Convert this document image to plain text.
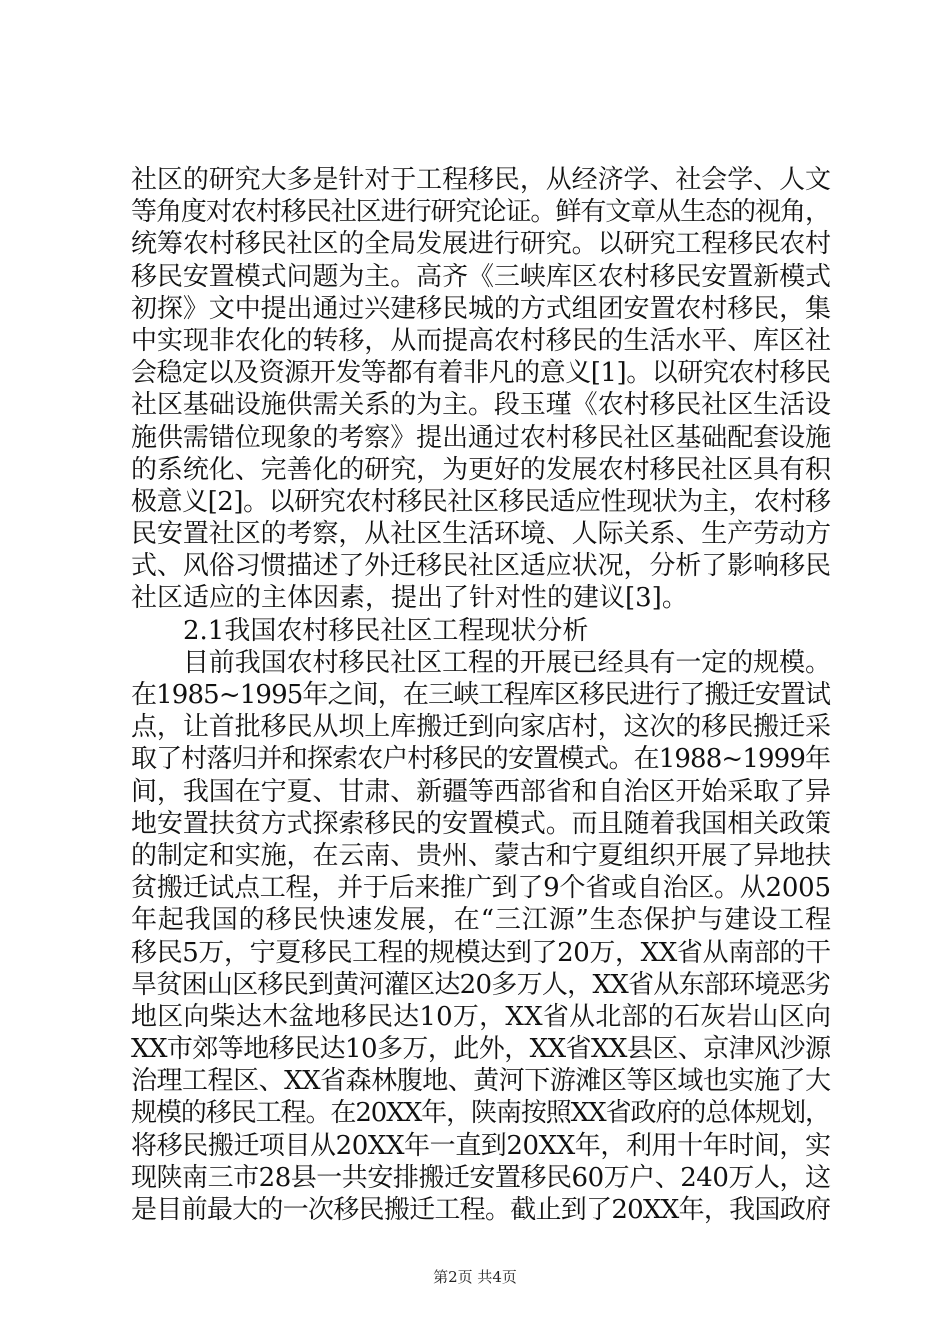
社区的研究大多是针对于工程移民，从经济学、社会学、人文
等角度对农村移民社区进行研究论证。鲜有文章从生态的视角，
统筹农村移民社区的全局发展进行研究。以研究工程移民农村
移民安置模式问题为主。高齐《三峡库区农村移民安置新模式
初探》文中提出通过兴建移民城的方式组团安置农村移民，集
中实现非农化的转移，从而提高农村移民的生活水平、库区社
会稳定以及资源开发等都有着非凡的意义[1]。以研究农村移民
社区基础设施供需关系的为主。段玉瑾《农村移民社区生活设
施供需错位现象的考察》提出通过农村移民社区基础配套设施
的系统化、完善化的研究，为更好的发展农村移民社区具有积
极意义[2]。以研究农村移民社区移民适应性现状为主，农村移
民安置社区的考察，从社区生活环境、人际关系、生产劳动方
式、风俗习惯描述了外迁移民社区适应状况，分析了影响移民
社区适应的主体因素，提出了针对性的建议[3]。
　　2.1我国农村移民社区工程现状分析
　　目前我国农村移民社区工程的开展已经具有一定的规模。
在1985~1995年之间，在三峡工程库区移民进行了搬迁安置试
点，让首批移民从坝上库搬迁到向家店村，这次的移民搬迁采
取了村落归并和探索农户村移民的安置模式。在1988~1999年
间，我国在宁夏、甘肃、新疆等西部省和自治区开始采取了异
地安置扶贫方式探索移民的安置模式。而且随着我国相关政策
的制定和实施，在云南、贵州、蒙古和宁夏组织开展了异地扶
贫搬迁试点工程，并于后来推广到了9个省或自治区。从2005
年起我国的移民快速发展，在“三江源”生态保护与建设工程
移民5万，宁夏移民工程的规模达到了20万，XX省从南部的干
旱贫困山区移民到黄河灌区达20多万人，XX省从东部环境恶劣
地区向柴达木盆地移民达10万，XX省从北部的石灰岩山区向
XX市郊等地移民达10多万，此外，XX省XX县区、京津风沙源
治理工程区、XX省森林腹地、黄河下游滩区等区域也实施了大
规模的移民工程。在20XX年，陕南按照XX省政府的总体规划，
将移民搬迁项目从20XX年一直到20XX年，利用十年时间，实
现陕南三市28县一共安排搬迁安置移民60万户、240万人，这
是目前最大的一次移民搬迁工程。截止到了20XX年，我国政府
第2页 共4页
